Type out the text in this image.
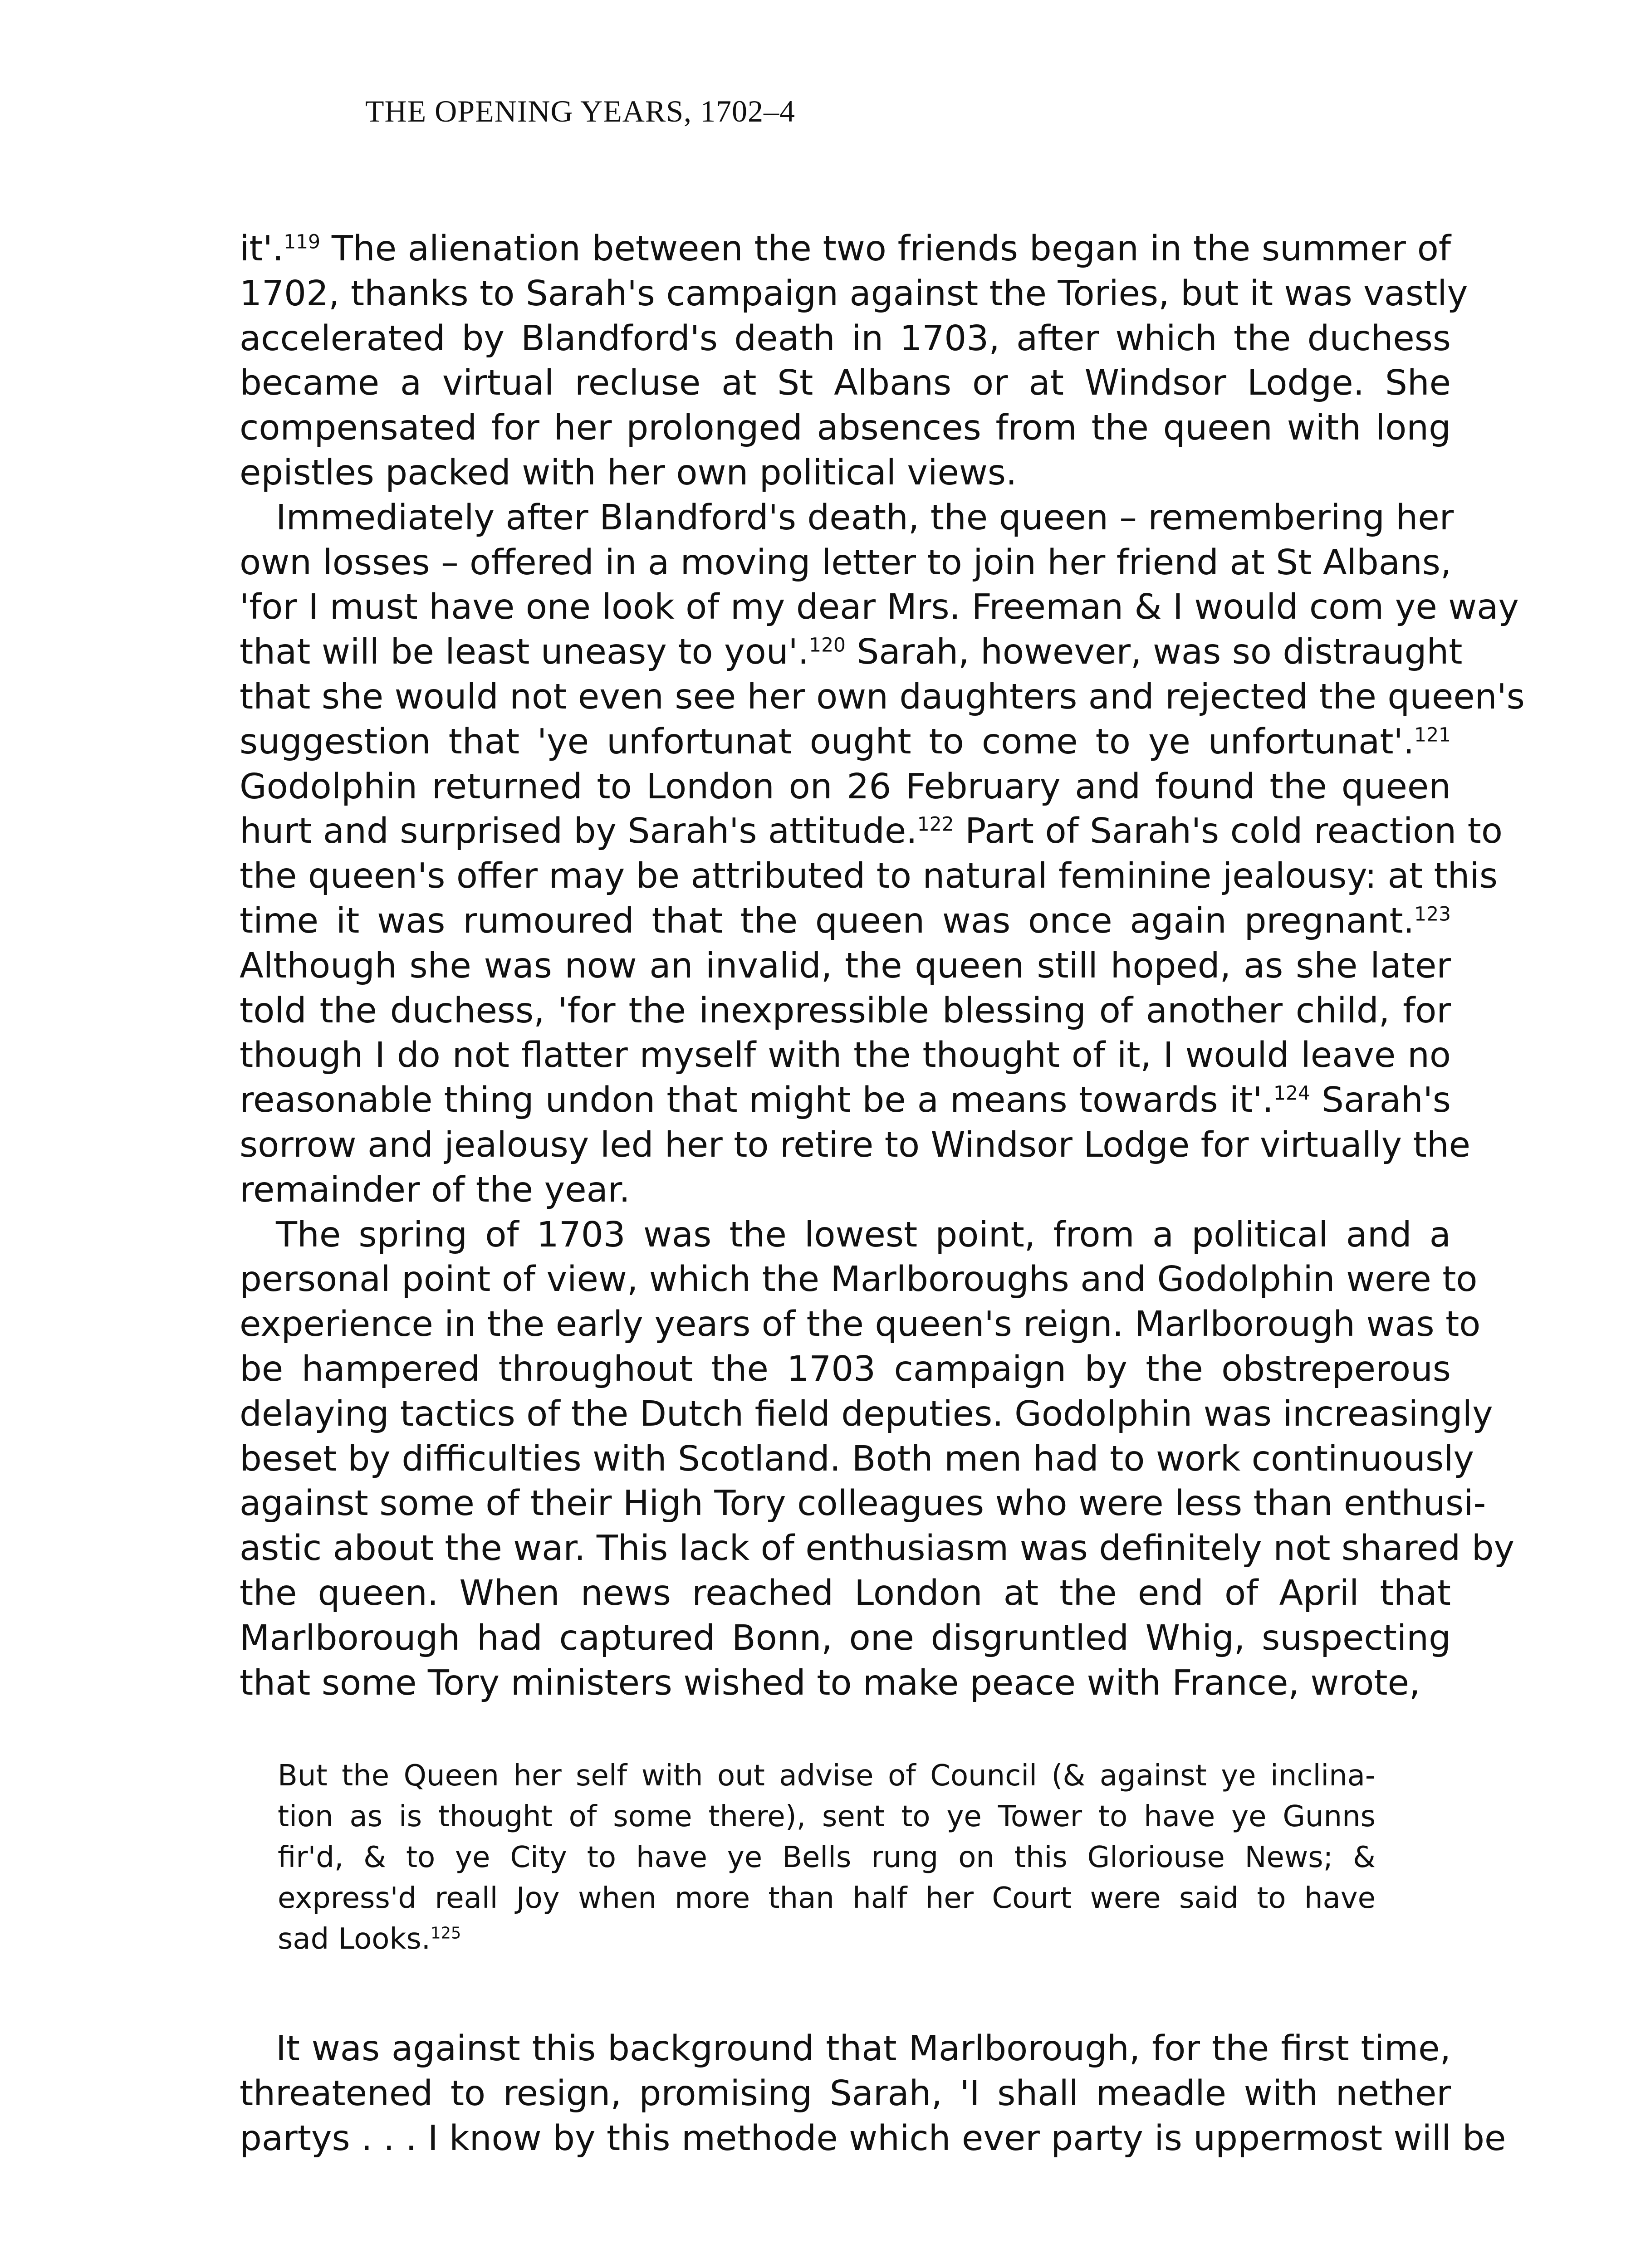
THE OPENING YEARS, 1702–4

it'.$^{119}$ The alienation between the two friends began in the summer of
1702, thanks to Sarah's campaign against the Tories, but it was vastly
accelerated by Blandford's death in 1703, after which the duchess
became a virtual recluse at St Albans or at Windsor Lodge. She
compensated for her prolonged absences from the queen with long
epistles packed with her own political views.

Immediately after Blandford's death, the queen – remembering her
own losses – offered in a moving letter to join her friend at St Albans,
'for I must have one look of my dear Mrs. Freeman & I would com ye way
that will be least uneasy to you'.$^{120}$ Sarah, however, was so distraught
that she would not even see her own daughters and rejected the queen's
suggestion that 'ye unfortunat ought to come to ye unfortunat'.$^{121}$
Godolphin returned to London on 26 February and found the queen
hurt and surprised by Sarah's attitude.$^{122}$ Part of Sarah's cold reaction to
the queen's offer may be attributed to natural feminine jealousy: at this
time it was rumoured that the queen was once again pregnant.$^{123}$
Although she was now an invalid, the queen still hoped, as she later
told the duchess, 'for the inexpressible blessing of another child, for
though I do not flatter myself with the thought of it, I would leave no
reasonable thing undon that might be a means towards it'.$^{124}$ Sarah's
sorrow and jealousy led her to retire to Windsor Lodge for virtually the
remainder of the year.

The spring of 1703 was the lowest point, from a political and a
personal point of view, which the Marlboroughs and Godolphin were to
experience in the early years of the queen's reign. Marlborough was to
be hampered throughout the 1703 campaign by the obstreperous
delaying tactics of the Dutch field deputies. Godolphin was increasingly
beset by difficulties with Scotland. Both men had to work continuously
against some of their High Tory colleagues who were less than enthusi-
astic about the war. This lack of enthusiasm was definitely not shared by
the queen. When news reached London at the end of April that
Marlborough had captured Bonn, one disgruntled Whig, suspecting
that some Tory ministers wished to make peace with France, wrote,

But the Queen her self with out advise of Council (& against ye inclina-
tion as is thought of some there), sent to ye Tower to have ye Gunns
fir'd, & to ye City to have ye Bells rung on this Gloriouse News; &
express'd reall Joy when more than half her Court were said to have
sad Looks.$^{125}$

It was against this background that Marlborough, for the first time,
threatened to resign, promising Sarah, 'I shall meadle with nether
partys . . . I know by this methode which ever party is uppermost will be
